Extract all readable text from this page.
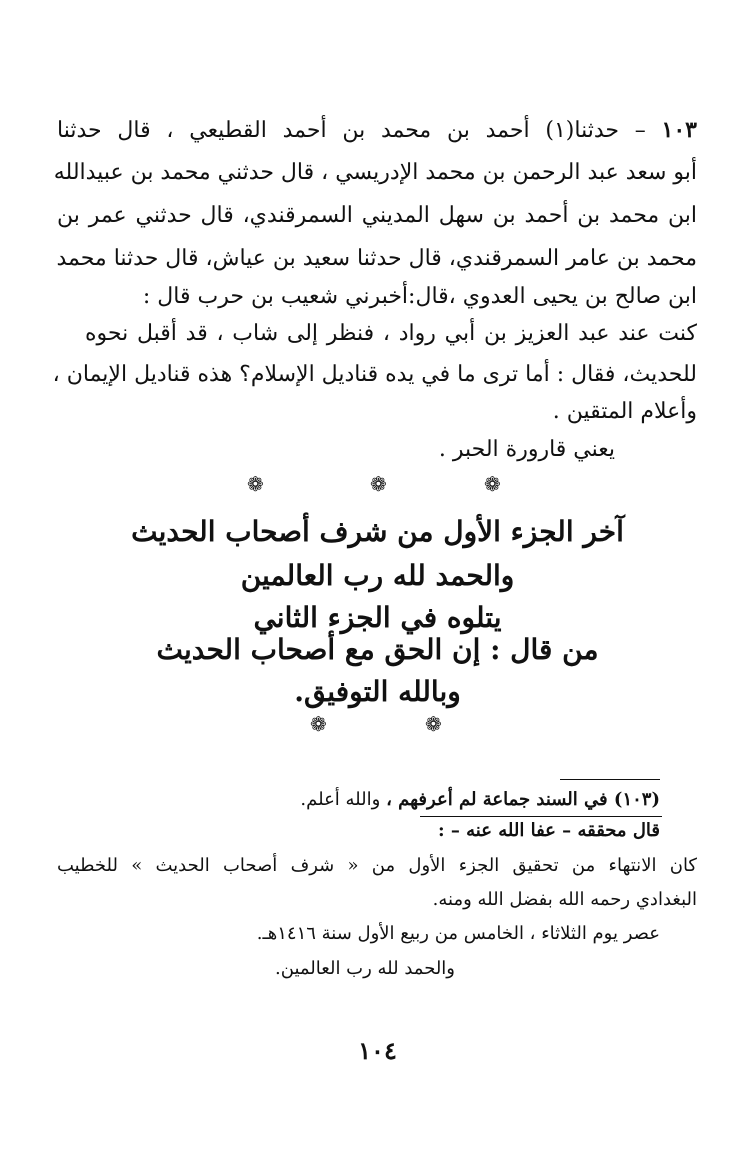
١٠٣ – حدثنا(١) أحمد بن محمد بن أحمد القطيعي ، قال حدثنا
أبو سعد عبد الرحمن بن محمد الإدريسي ، قال حدثني محمد بن عبيدالله
ابن محمد بن أحمد بن سهل المديني السمرقندي، قال حدثني عمر بن
محمد بن عامر السمرقندي، قال حدثنا سعيد بن عياش، قال حدثنا محمد
ابن صالح بن يحيى العدوي ،قال:أخبرني شعيب بن حرب قال :
كنت عند عبد العزيز بن أبي رواد ، فنظر إلى شاب ، قد أقبل نحوه
للحديث، فقال : أما ترى ما في يده قناديل الإسلام؟ هذه قناديل الإيمان ،
وأعلام المتقين .
يعني قارورة الحبر .
❁	❁	❁
آخر الجزء الأول من شرف أصحاب الحديث
والحمد لله رب العالمين
يتلوه في الجزء الثاني
من قال : إن الحق مع أصحاب الحديث
وبالله التوفيق.
❁	❁
(١٠٣) في السند جماعة لم أعرفهم ، والله أعلم.
قال محققه – عفا الله عنه – :
كان الانتهاء من تحقيق الجزء الأول من « شرف أصحاب الحديث » للخطيب
البغدادي رحمه الله بفضل الله ومنه.
عصر يوم الثلاثاء ، الخامس من ربيع الأول سنة ١٤١٦هـ.
والحمد لله رب العالمين.
١٠٤
